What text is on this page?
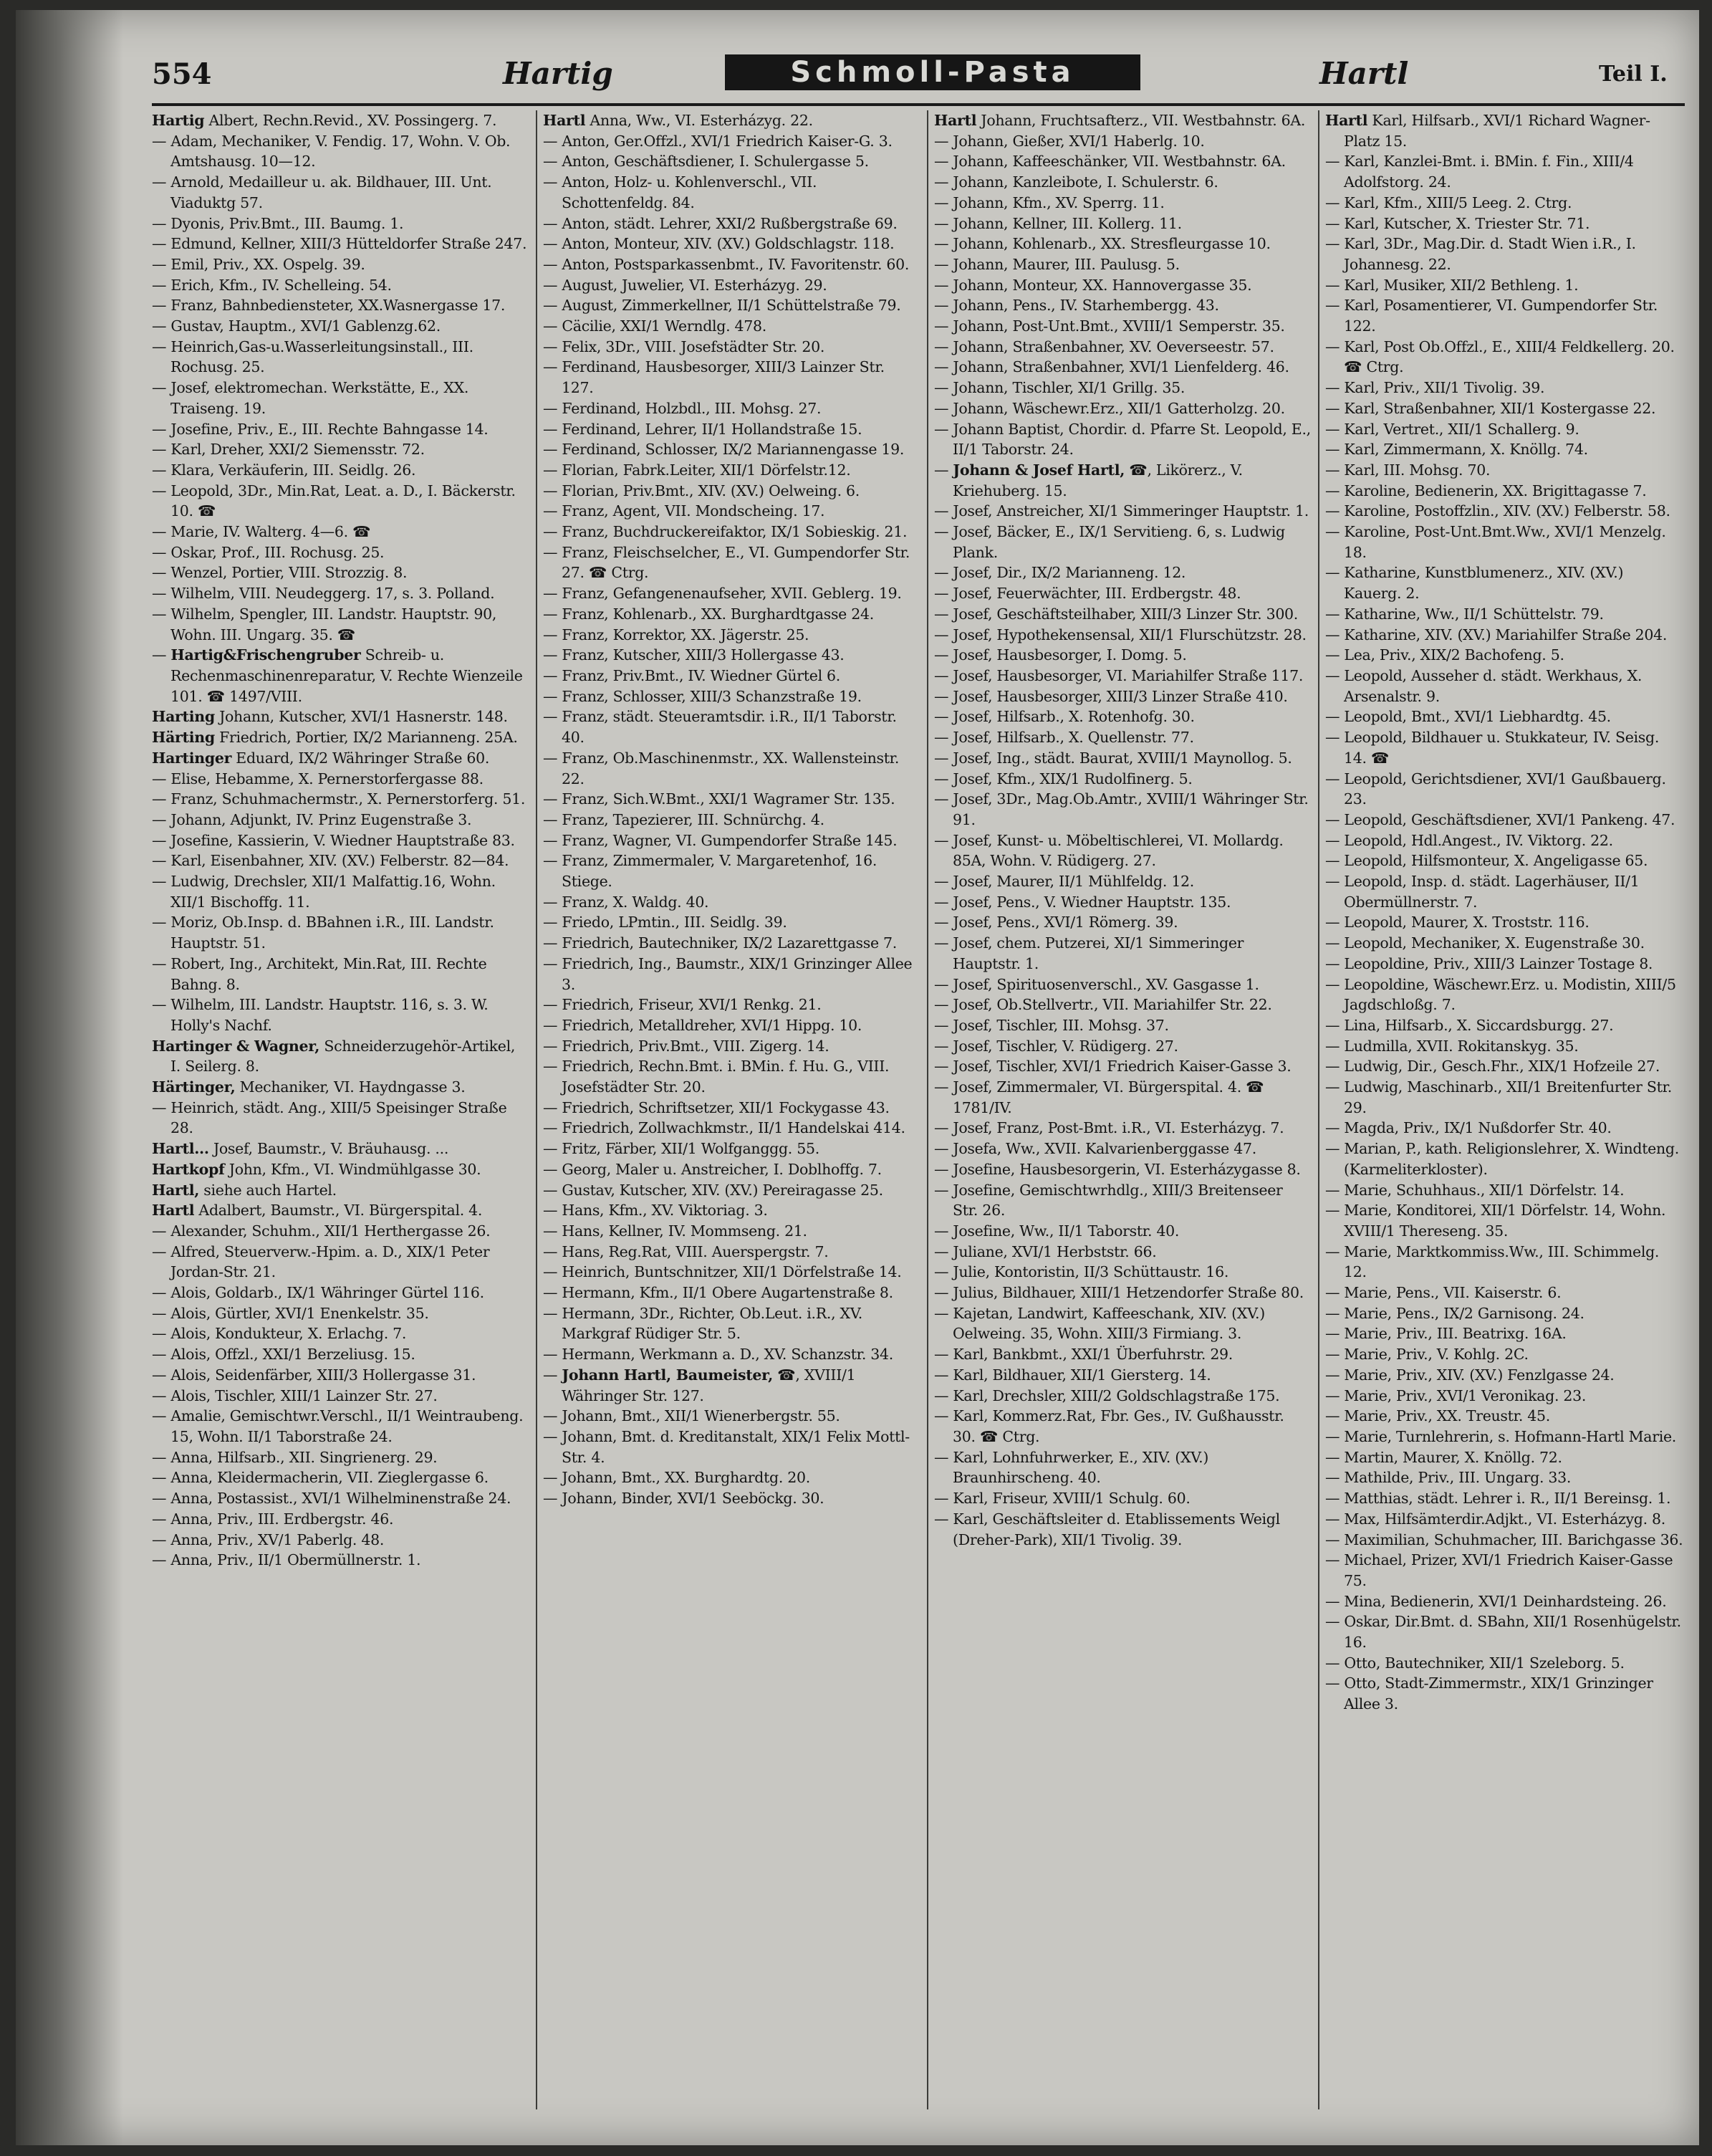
554	Hartig	Schmoll-Pasta	Hartl	Teil I.

Hartig Albert, Rechn.Revid., XV. Possingerg. 7.

— Adam, Mechaniker, V. Fendig. 17, Wohn. V. Ob. Amtshausg. 10—12.

— Arnold, Medailleur u. ak. Bildhauer, III. Unt. Viaduktg 57.

— Dyonis, Priv.Bmt., III. Baumg. 1.

— Edmund, Kellner, XIII/3 Hütteldorfer Straße 247.

— Emil, Priv., XX. Ospelg. 39.

— Erich, Kfm., IV. Schelleing. 54.

— Franz, Bahnbediensteter, XX.Wasnergasse 17.

— Gustav, Hauptm., XVI/1 Gablenzg.62.

— Heinrich,Gas-u.Wasserleitungsinstall., III. Rochusg. 25.

— Josef, elektromechan. Werkstätte, E., XX. Traiseng. 19.

— Josefine, Priv., E., III. Rechte Bahngasse 14.

— Karl, Dreher, XXI/2 Siemensstr. 72.

— Klara, Verkäuferin, III. Seidlg. 26.

— Leopold, 3Dr., Min.Rat, Leat. a. D., I. Bäckerstr. 10. ☎

— Marie, IV. Walterg. 4—6. ☎

— Oskar, Prof., III. Rochusg. 25.

— Wenzel, Portier, VIII. Strozzig. 8.

— Wilhelm, VIII. Neudeggerg. 17, s. 3. Polland.

— Wilhelm, Spengler, III. Landstr. Hauptstr. 90, Wohn. III. Ungarg. 35. ☎

— Hartig&Frischengruber Schreib- u. Rechenmaschinenreparatur, V. Rechte Wienzeile 101. ☎ 1497/VIII.

Harting Johann, Kutscher, XVI/1 Hasnerstr. 148.

Härting Friedrich, Portier, IX/2 Marianneng. 25A.

Hartinger Eduard, IX/2 Währinger Straße 60.

— Elise, Hebamme, X. Pernerstorfergasse 88.

— Franz, Schuhmachermstr., X. Pernerstorferg. 51.

— Johann, Adjunkt, IV. Prinz Eugenstraße 3.

— Josefine, Kassierin, V. Wiedner Hauptstraße 83.

— Karl, Eisenbahner, XIV. (XV.) Felberstr. 82—84.

— Ludwig, Drechsler, XII/1 Malfattig.16, Wohn. XII/1 Bischoffg. 11.

— Moriz, Ob.Insp. d. BBahnen i.R., III. Landstr. Hauptstr. 51.

— Robert, Ing., Architekt, Min.Rat, III. Rechte Bahng. 8.

— Wilhelm, III. Landstr. Hauptstr. 116, s. 3. W. Holly's Nachf.

Hartinger & Wagner, Schneiderzugehör-Artikel, I. Seilerg. 8.

Härtinger, Mechaniker, VI. Haydngasse 3.

— Heinrich, städt. Ang., XIII/5 Speisinger Straße 28.

Hartl... Josef, Baumstr., V. Bräuhausg. ...

Hartkopf John, Kfm., VI. Windmühlgasse 30.

Hartl, siehe auch Hartel.

Hartl Adalbert, Baumstr., VI. Bürgerspital. 4.

— Alexander, Schuhm., XII/1 Herthergasse 26.

— Alfred, Steuerverw.-Hpim. a. D., XIX/1 Peter Jordan-Str. 21.

— Alois, Goldarb., IX/1 Währinger Gürtel 116.

— Alois, Gürtler, XVI/1 Enenkelstr. 35.

— Alois, Kondukteur, X. Erlachg. 7.

— Alois, Offzl., XXI/1 Berzeliusg. 15.

— Alois, Seidenfärber, XIII/3 Hollergasse 31.

— Alois, Tischler, XIII/1 Lainzer Str. 27.

— Amalie, Gemischtwr.Verschl., II/1 Weintraubeng. 15, Wohn. II/1 Taborstraße 24.

— Anna, Hilfsarb., XII. Singrienerg. 29.

— Anna, Kleidermacherin, VII. Zieglergasse 6.

— Anna, Postassist., XVI/1 Wilhelminenstraße 24.

— Anna, Priv., III. Erdbergstr. 46.

— Anna, Priv., XV/1 Paberlg. 48.

— Anna, Priv., II/1 Obermüllnerstr. 1.

Hartl Anna, Ww., VI. Esterházyg. 22.

— Anton, Ger.Offzl., XVI/1 Friedrich Kaiser-G. 3.

— Anton, Geschäftsdiener, I. Schulergasse 5.

— Anton, Holz- u. Kohlenverschl., VII. Schottenfeldg. 84.

— Anton, städt. Lehrer, XXI/2 Rußbergstraße 69.

— Anton, Monteur, XIV. (XV.) Goldschlagstr. 118.

— Anton, Postsparkassenbmt., IV. Favoritenstr. 60.

— August, Juwelier, VI. Esterházyg. 29.

— August, Zimmerkellner, II/1 Schüttelstraße 79.

— Cäcilie, XXI/1 Werndlg. 478.

— Felix, 3Dr., VIII. Josefstädter Str. 20.

— Ferdinand, Hausbesorger, XIII/3 Lainzer Str. 127.

— Ferdinand, Holzbdl., III. Mohsg. 27.

— Ferdinand, Lehrer, II/1 Hollandstraße 15.

— Ferdinand, Schlosser, IX/2 Mariannengasse 19.

— Florian, Fabrk.Leiter, XII/1 Dörfelstr.12.

— Florian, Priv.Bmt., XIV. (XV.) Oelweing. 6.

— Franz, Agent, VII. Mondscheing. 17.

— Franz, Buchdruckereifaktor, IX/1 Sobieskig. 21.

— Franz, Fleischselcher, E., VI. Gumpendorfer Str. 27. ☎ Ctrg.

— Franz, Gefangenenaufseher, XVII. Geblerg. 19.

— Franz, Kohlenarb., XX. Burghardtgasse 24.

— Franz, Korrektor, XX. Jägerstr. 25.

— Franz, Kutscher, XIII/3 Hollergasse 43.

— Franz, Priv.Bmt., IV. Wiedner Gürtel 6.

— Franz, Schlosser, XIII/3 Schanzstraße 19.

— Franz, städt. Steueramtsdir. i.R., II/1 Taborstr. 40.

— Franz, Ob.Maschinenmstr., XX. Wallensteinstr. 22.

— Franz, Sich.W.Bmt., XXI/1 Wagramer Str. 135.

— Franz, Tapezierer, III. Schnürchg. 4.

— Franz, Wagner, VI. Gumpendorfer Straße 145.

— Franz, Zimmermaler, V. Margaretenhof, 16. Stiege.

— Franz, X. Waldg. 40.

— Friedo, LPmtin., III. Seidlg. 39.

— Friedrich, Bautechniker, IX/2 Lazarettgasse 7.

— Friedrich, Ing., Baumstr., XIX/1 Grinzinger Allee 3.

— Friedrich, Friseur, XVI/1 Renkg. 21.

— Friedrich, Metalldreher, XVI/1 Hippg. 10.

— Friedrich, Priv.Bmt., VIII. Zigerg. 14.

— Friedrich, Rechn.Bmt. i. BMin. f. Hu. G., VIII. Josefstädter Str. 20.

— Friedrich, Schriftsetzer, XII/1 Fockygasse 43.

— Friedrich, Zollwachkmstr., II/1 Handelskai 414.

— Fritz, Färber, XII/1 Wolfganggg. 55.

— Georg, Maler u. Anstreicher, I. Doblhoffg. 7.

— Gustav, Kutscher, XIV. (XV.) Pereiragasse 25.

— Hans, Kfm., XV. Viktoriag. 3.

— Hans, Kellner, IV. Mommseng. 21.

— Hans, Reg.Rat, VIII. Auerspergstr. 7.

— Heinrich, Buntschnitzer, XII/1 Dörfelstraße 14.

— Hermann, Kfm., II/1 Obere Augartenstraße 8.

— Hermann, 3Dr., Richter, Ob.Leut. i.R., XV. Markgraf Rüdiger Str. 5.

— Hermann, Werkmann a. D., XV. Schanzstr. 34.

— Johann Hartl, Baumeister, ☎, XVIII/1 Währinger Str. 127.

— Johann, Bmt., XII/1 Wienerbergstr. 55.

— Johann, Bmt. d. Kreditanstalt, XIX/1 Felix Mottl-Str. 4.

— Johann, Bmt., XX. Burghardtg. 20.

— Johann, Binder, XVI/1 Seeböckg. 30.

Hartl Johann, Fruchtsafterz., VII. Westbahnstr. 6A.

— Johann, Gießer, XVI/1 Haberlg. 10.

— Johann, Kaffeeschänker, VII. Westbahnstr. 6A.

— Johann, Kanzleibote, I. Schulerstr. 6.

— Johann, Kfm., XV. Sperrg. 11.

— Johann, Kellner, III. Kollerg. 11.

— Johann, Kohlenarb., XX. Stresfleurgasse 10.

— Johann, Maurer, III. Paulusg. 5.

— Johann, Monteur, XX. Hannovergasse 35.

— Johann, Pens., IV. Starhembergg. 43.

— Johann, Post-Unt.Bmt., XVIII/1 Semperstr. 35.

— Johann, Straßenbahner, XV. Oeverseestr. 57.

— Johann, Straßenbahner, XVI/1 Lienfelderg. 46.

— Johann, Tischler, XI/1 Grillg. 35.

— Johann, Wäschewr.Erz., XII/1 Gatterholzg. 20.

— Johann Baptist, Chordir. d. Pfarre St. Leopold, E., II/1 Taborstr. 24.

— Johann & Josef Hartl, ☎, Likörerz., V. Kriehuberg. 15.

— Josef, Anstreicher, XI/1 Simmeringer Hauptstr. 1.

— Josef, Bäcker, E., IX/1 Servitieng. 6, s. Ludwig Plank.

— Josef, Dir., IX/2 Marianneng. 12.

— Josef, Feuerwächter, III. Erdbergstr. 48.

— Josef, Geschäftsteilhaber, XIII/3 Linzer Str. 300.

— Josef, Hypothekensensal, XII/1 Flurschützstr. 28.

— Josef, Hausbesorger, I. Domg. 5.

— Josef, Hausbesorger, VI. Mariahilfer Straße 117.

— Josef, Hausbesorger, XIII/3 Linzer Straße 410.

— Josef, Hilfsarb., X. Rotenhofg. 30.

— Josef, Hilfsarb., X. Quellenstr. 77.

— Josef, Ing., städt. Baurat, XVIII/1 Maynollog. 5.

— Josef, Kfm., XIX/1 Rudolfinerg. 5.

— Josef, 3Dr., Mag.Ob.Amtr., XVIII/1 Währinger Str. 91.

— Josef, Kunst- u. Möbeltischlerei, VI. Mollardg. 85A, Wohn. V. Rüdigerg. 27.

— Josef, Maurer, II/1 Mühlfeldg. 12.

— Josef, Pens., V. Wiedner Hauptstr. 135.

— Josef, Pens., XVI/1 Römerg. 39.

— Josef, chem. Putzerei, XI/1 Simmeringer Hauptstr. 1.

— Josef, Spirituosenverschl., XV. Gasgasse 1.

— Josef, Ob.Stellvertr., VII. Mariahilfer Str. 22.

— Josef, Tischler, III. Mohsg. 37.

— Josef, Tischler, V. Rüdigerg. 27.

— Josef, Tischler, XVI/1 Friedrich Kaiser-Gasse 3.

— Josef, Zimmermaler, VI. Bürgerspital. 4. ☎ 1781/IV.

— Josef, Franz, Post-Bmt. i.R., VI. Esterházyg. 7.

— Josefa, Ww., XVII. Kalvarienberggasse 47.

— Josefine, Hausbesorgerin, VI. Esterházygasse 8.

— Josefine, Gemischtwrhdlg., XIII/3 Breitenseer Str. 26.

— Josefine, Ww., II/1 Taborstr. 40.

— Juliane, XVI/1 Herbststr. 66.

— Julie, Kontoristin, II/3 Schüttaustr. 16.

— Julius, Bildhauer, XIII/1 Hetzendorfer Straße 80.

— Kajetan, Landwirt, Kaffeeschank, XIV. (XV.) Oelweing. 35, Wohn. XIII/3 Firmiang. 3.

— Karl, Bankbmt., XXI/1 Überfuhrstr. 29.

— Karl, Bildhauer, XII/1 Giersterg. 14.

— Karl, Drechsler, XIII/2 Goldschlagstraße 175.

— Karl, Kommerz.Rat, Fbr. Ges., IV. Gußhausstr. 30. ☎ Ctrg.

— Karl, Lohnfuhrwerker, E., XIV. (XV.) Braunhirscheng. 40.

— Karl, Friseur, XVIII/1 Schulg. 60.

— Karl, Geschäftsleiter d. Etablissements Weigl (Dreher-Park), XII/1 Tivolig. 39.

Hartl Karl, Hilfsarb., XVI/1 Richard Wagner-Platz 15.

— Karl, Kanzlei-Bmt. i. BMin. f. Fin., XIII/4 Adolfstorg. 24.

— Karl, Kfm., XIII/5 Leeg. 2. Ctrg.

— Karl, Kutscher, X. Triester Str. 71.

— Karl, 3Dr., Mag.Dir. d. Stadt Wien i.R., I. Johannesg. 22.

— Karl, Musiker, XII/2 Bethleng. 1.

— Karl, Posamentierer, VI. Gumpendorfer Str. 122.

— Karl, Post Ob.Offzl., E., XIII/4 Feldkellerg. 20. ☎ Ctrg.

— Karl, Priv., XII/1 Tivolig. 39.

— Karl, Straßenbahner, XII/1 Kostergasse 22.

— Karl, Vertret., XII/1 Schallerg. 9.

— Karl, Zimmermann, X. Knöllg. 74.

— Karl, III. Mohsg. 70.

— Karoline, Bedienerin, XX. Brigittagasse 7.

— Karoline, Postoffzlin., XIV. (XV.) Felberstr. 58.

— Karoline, Post-Unt.Bmt.Ww., XVI/1 Menzelg. 18.

— Katharine, Kunstblumenerz., XIV. (XV.) Kauerg. 2.

— Katharine, Ww., II/1 Schüttelstr. 79.

— Katharine, XIV. (XV.) Mariahilfer Straße 204.

— Lea, Priv., XIX/2 Bachofeng. 5.

— Leopold, Ausseher d. städt. Werkhaus, X. Arsenalstr. 9.

— Leopold, Bmt., XVI/1 Liebhardtg. 45.

— Leopold, Bildhauer u. Stukkateur, IV. Seisg. 14. ☎

— Leopold, Gerichtsdiener, XVI/1 Gaußbauerg. 23.

— Leopold, Geschäftsdiener, XVI/1 Pankeng. 47.

— Leopold, Hdl.Angest., IV. Viktorg. 22.

— Leopold, Hilfsmonteur, X. Angeligasse 65.

— Leopold, Insp. d. städt. Lagerhäuser, II/1 Obermüllnerstr. 7.

— Leopold, Maurer, X. Troststr. 116.

— Leopold, Mechaniker, X. Eugenstraße 30.

— Leopoldine, Priv., XIII/3 Lainzer Tostage 8.

— Leopoldine, Wäschewr.Erz. u. Modistin, XIII/5 Jagdschloßg. 7.

— Lina, Hilfsarb., X. Siccardsburgg. 27.

— Ludmilla, XVII. Rokitanskyg. 35.

— Ludwig, Dir., Gesch.Fhr., XIX/1 Hofzeile 27.

— Ludwig, Maschinarb., XII/1 Breitenfurter Str. 29.

— Magda, Priv., IX/1 Nußdorfer Str. 40.

— Marian, P., kath. Religionslehrer, X. Windteng. (Karmeliterkloster).

— Marie, Schuhhaus., XII/1 Dörfelstr. 14.

— Marie, Konditorei, XII/1 Dörfelstr. 14, Wohn. XVIII/1 Thereseng. 35.

— Marie, Marktkommiss.Ww., III. Schimmelg. 12.

— Marie, Pens., VII. Kaiserstr. 6.

— Marie, Pens., IX/2 Garnisong. 24.

— Marie, Priv., III. Beatrixg. 16A.

— Marie, Priv., V. Kohlg. 2C.

— Marie, Priv., XIV. (XV.) Fenzlgasse 24.

— Marie, Priv., XVI/1 Veronikag. 23.

— Marie, Priv., XX. Treustr. 45.

— Marie, Turnlehrerin, s. Hofmann-Hartl Marie.

— Martin, Maurer, X. Knöllg. 72.

— Mathilde, Priv., III. Ungarg. 33.

— Matthias, städt. Lehrer i. R., II/1 Bereinsg. 1.

— Max, Hilfsämterdir.Adjkt., VI. Esterházyg. 8.

— Maximilian, Schuhmacher, III. Barichgasse 36.

— Michael, Prizer, XVI/1 Friedrich Kaiser-Gasse 75.

— Mina, Bedienerin, XVI/1 Deinhardsteing. 26.

— Oskar, Dir.Bmt. d. SBahn, XII/1 Rosenhügelstr. 16.

— Otto, Bautechniker, XII/1 Szeleborg. 5.

— Otto, Stadt-Zimmermstr., XIX/1 Grinzinger Allee 3.
